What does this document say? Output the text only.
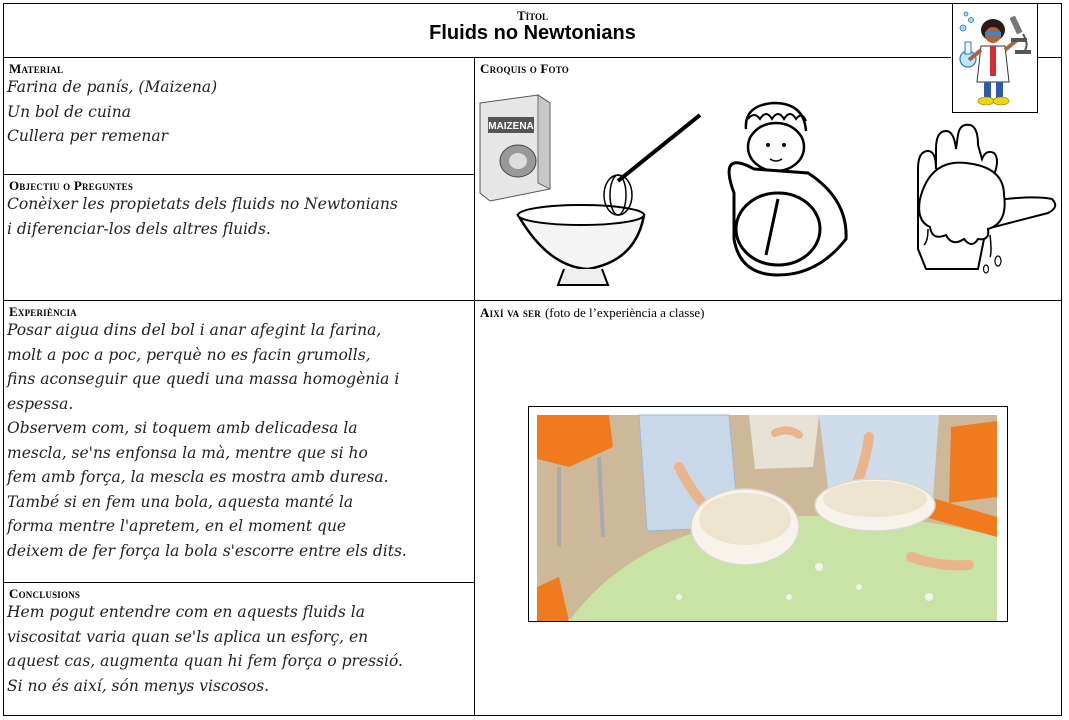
Títol
Fluids no Newtonians
Material
Farina de panís, (Maizena)
Un bol de cuina
Cullera per remenar
Objectiu o Preguntes
Conèixer les propietats dels fluids no Newtonians
i diferenciar-los dels altres fluids.
Croquis o Foto
MAIZENA
Experiència
Posar aigua dins del bol i anar afegint la farina,
molt a poc a poc, perquè no es facin grumolls,
fins aconseguir que quedi una massa homogènia i
espessa.
Observem com, si toquem amb delicadesa la
mescla, se'ns enfonsa la mà, mentre que si ho
fem amb força, la mescla es mostra amb duresa.
També si en fem una bola, aquesta manté la
forma mentre l'apretem, en el moment que
deixem de fer força la bola s'escorre entre els dits.
Així va ser (foto de l’experiència a classe)
Conclusions
Hem pogut entendre com en aquests fluids la
viscositat varia quan se'ls aplica un esforç, en
aquest cas, augmenta quan hi fem força o pressió.
Si no és així, són menys viscosos.
